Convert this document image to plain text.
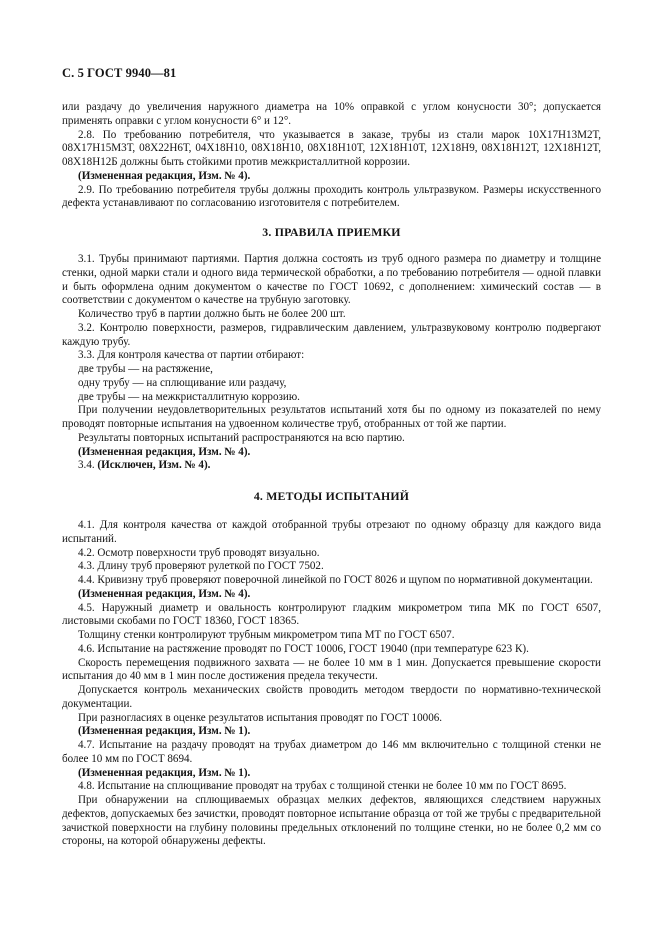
С. 5 ГОСТ 9940—81
или раздачу до увеличения наружного диаметра на 10% оправкой с углом конусности 30°; допускается применять оправки с углом конусности 6° и 12°.
2.8. По требованию потребителя, что указывается в заказе, трубы из стали марок 10Х17Н13М2Т, 08Х17Н15М3Т, 08Х22Н6Т, 04Х18Н10, 08Х18Н10, 08Х18Н10Т, 12Х18Н10Т, 12Х18Н9, 08Х18Н12Т, 12Х18Н12Т, 08Х18Н12Б должны быть стойкими против межкристаллитной коррозии.
(Измененная редакция, Изм. № 4).
2.9. По требованию потребителя трубы должны проходить контроль ультразвуком. Размеры искусственного дефекта устанавливают по согласованию изготовителя с потребителем.
3. ПРАВИЛА ПРИЕМКИ
3.1. Трубы принимают партиями. Партия должна состоять из труб одного размера по диаметру и толщине стенки, одной марки стали и одного вида термической обработки, а по требованию потребителя — одной плавки и быть оформлена одним документом о качестве по ГОСТ 10692, с дополнением: химический состав — в соответствии с документом о качестве на трубную заготовку.
Количество труб в партии должно быть не более 200 шт.
3.2. Контролю поверхности, размеров, гидравлическим давлением, ультразвуковому контролю подвергают каждую трубу.
3.3. Для контроля качества от партии отбирают:
две трубы — на растяжение,
одну трубу — на сплющивание или раздачу,
две трубы — на межкристаллитную коррозию.
При получении неудовлетворительных результатов испытаний хотя бы по одному из показателей по нему проводят повторные испытания на удвоенном количестве труб, отобранных от той же партии.
Результаты повторных испытаний распространяются на всю партию.
(Измененная редакция, Изм. № 4).
3.4. (Исключен, Изм. № 4).
4. МЕТОДЫ ИСПЫТАНИЙ
4.1. Для контроля качества от каждой отобранной трубы отрезают по одному образцу для каждого вида испытаний.
4.2. Осмотр поверхности труб проводят визуально.
4.3. Длину труб проверяют рулеткой по ГОСТ 7502.
4.4. Кривизну труб проверяют поверочной линейкой по ГОСТ 8026 и щупом по нормативной документации.
(Измененная редакция, Изм. № 4).
4.5. Наружный диаметр и овальность контролируют гладким микрометром типа МК по ГОСТ 6507, листовыми скобами по ГОСТ 18360, ГОСТ 18365.
Толщину стенки контролируют трубным микрометром типа МТ по ГОСТ 6507.
4.6. Испытание на растяжение проводят по ГОСТ 10006, ГОСТ 19040 (при температуре 623 К).
Скорость перемещения подвижного захвата — не более 10 мм в 1 мин. Допускается превышение скорости испытания до 40 мм в 1 мин после достижения предела текучести.
Допускается контроль механических свойств проводить методом твердости по нормативно-технической документации.
При разногласиях в оценке результатов испытания проводят по ГОСТ 10006.
(Измененная редакция, Изм. № 1).
4.7. Испытание на раздачу проводят на трубах диаметром до 146 мм включительно с толщиной стенки не более 10 мм по ГОСТ 8694.
(Измененная редакция, Изм. № 1).
4.8. Испытание на сплющивание проводят на трубах с толщиной стенки не более 10 мм по ГОСТ 8695.
При обнаружении на сплющиваемых образцах мелких дефектов, являющихся следствием наружных дефектов, допускаемых без зачистки, проводят повторное испытание образца от той же трубы с предварительной зачисткой поверхности на глубину половины предельных отклонений по толщине стенки, но не более 0,2 мм со стороны, на которой обнаружены дефекты.
